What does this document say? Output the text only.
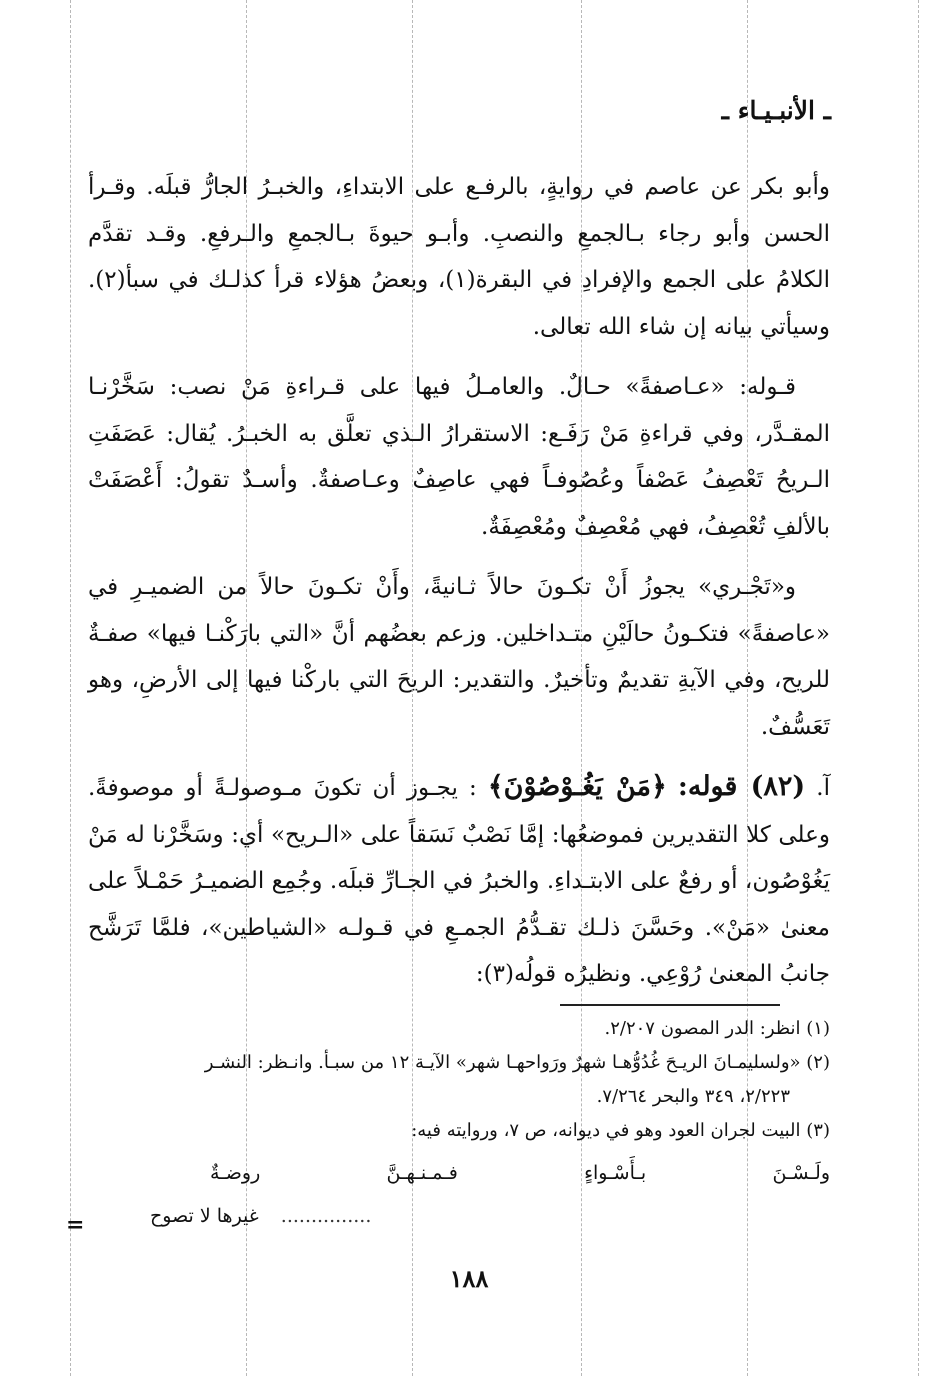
ـ الأنبـيـاء ـ

وأبو بكر عن عاصم في روايةٍ، بالرفـع على الابتداءِ، والخبـرُ الجارُّ قبلَه. وقـرأ الحسن وأبو رجاء بـالجمعِ والنصبِ. وأبـو حيوةَ بـالجمعِ والـرفعِ. وقـد تقدَّم الكلامُ على الجمع والإفرادِ في البقرة(١)، وبعضُ هؤلاء قرأ كذلـك في سبأ(٢). وسيأتي بيانه إن شاء الله تعالى.

قـوله: «عـاصفةً» حـالٌ. والعامـلُ فيها على قـراءةِ مَنْ نصب: سَخَّرْنـا المقـدَّر، وفي قراءةِ مَنْ رَفَـع: الاستقرارُ الـذي تعلَّق به الخبـرُ. يُقال: عَصَفَتِ الـريحُ تَعْصِفُ عَصْفاً وعُصُوفـاً فهي عاصِفٌ وعـاصفةٌ. وأسـدٌ تقولُ: أَعْصَفَتْ بالألفِ تُعْصِفُ، فهي مُعْصِفٌ ومُعْصِفَةٌ.

و«تَجْـري» يجوزُ أَنْ تكـونَ حالاً ثـانيةً، وأَنْ تكـونَ حالاً من الضميـرِ في «عاصفةً» فتكـونُ حالَيْنِ متـداخلين. وزعم بعضُهم أنَّ «التي بارَكْنـا فيها» صفـةٌ للريح، وفي الآيةِ تقديمٌ وتأخيرٌ. والتقدير: الريحَ التي باركْنا فيها إلى الأرضِ، وهو تَعَسُّفٌ.

آ. (٨٢) قوله: ﴿مَنْ يَغُـوْصُوْنَ﴾ : يجـوز أن تكونَ مـوصولـةً أو موصوفةً. وعلى كلا التقديرين فموضعُها: إمَّا نَصْبٌ نَسَقاً على «الـريح» أي: وسَخَّرْنا له مَنْ يَغُوْصُون، أو رفعٌ على الابتـداءِ. والخبرُ في الجـارِّ قبلَه. وجُمِع الضميـرُ حَمْـلاً على معنىٰ «مَنْ». وحَسَّنَ ذلـك تقـدُّمُ الجمـعِ في قـولـه «الشياطين»، فلمَّا تَرَشَّح جانبُ المعنىٰ رُوْعِي. ونظيرُه قولُه(٣):

(١) انظر: الدر المصون ٢/٢٠٧.

(٢) «ولسليمـانَ الريـحَ غُدُوُّهـا شهرٌ ورَواحهـا شهر» الآيـة ١٢ من سبـأ. وانـظر: النشـر

٢/٢٢٣، ٣٤٩ والبحر ٧/٢٦٤.

(٣) البيت لجران العود وهو في ديوانه، ص ٧، وروايته فيه:

ولَـسْـنَ
بـأَسْـواءٍ
فـمـنـهـنَّ
روضـةٌ
............... غيرها لا تصوح
=
١٨٨
